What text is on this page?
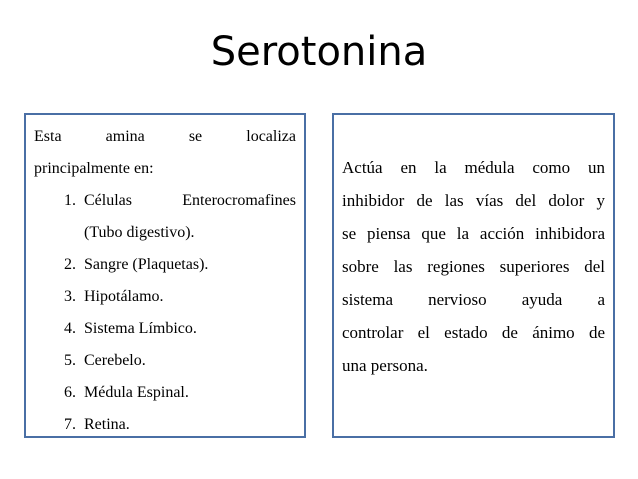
Serotonina
Esta	amina	se	localiza
principalmente en:
1. Células	Enterocromafines
(Tubo digestivo).
2. Sangre (Plaquetas).
3. Hipotálamo.
4. Sistema Límbico.
5. Cerebelo.
6. Médula Espinal.
7. Retina.
Actúa en la médula como un
inhibidor de las vías del dolor y
se piensa que la acción inhibidora
sobre las regiones superiores del
sistema nervioso ayuda a
controlar el estado de ánimo de
una persona.
